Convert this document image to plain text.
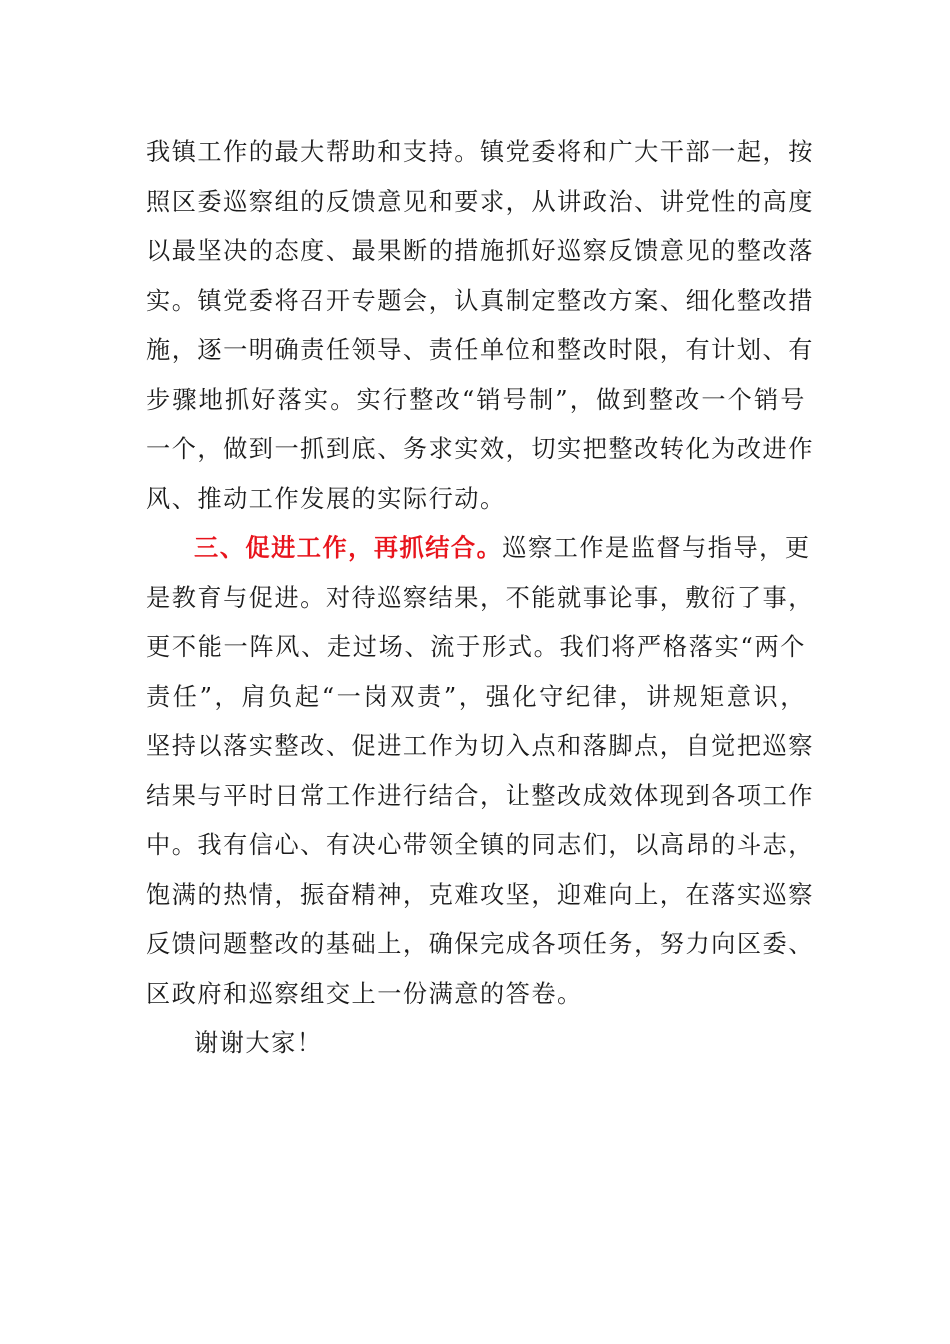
我镇工作的最大帮助和支持。镇党委将和广大干部一起，按
照区委巡察组的反馈意见和要求，从讲政治、讲党性的高度
以最坚决的态度、最果断的措施抓好巡察反馈意见的整改落
实。镇党委将召开专题会，认真制定整改方案、细化整改措
施，逐一明确责任领导、责任单位和整改时限，有计划、有
步骤地抓好落实。实行整改“销号制”，做到整改一个销号
一个，做到一抓到底、务求实效，切实把整改转化为改进作
风、推动工作发展的实际行动。
三、促进工作，再抓结合。巡察工作是监督与指导，更
是教育与促进。对待巡察结果，不能就事论事，敷衍了事，
更不能一阵风、走过场、流于形式。我们将严格落实“两个
责任”，肩负起“一岗双责”，强化守纪律，讲规矩意识，
坚持以落实整改、促进工作为切入点和落脚点，自觉把巡察
结果与平时日常工作进行结合，让整改成效体现到各项工作
中。我有信心、有决心带领全镇的同志们，以高昂的斗志，
饱满的热情，振奋精神，克难攻坚，迎难向上，在落实巡察
反馈问题整改的基础上，确保完成各项任务，努力向区委、
区政府和巡察组交上一份满意的答卷。
谢谢大家！
